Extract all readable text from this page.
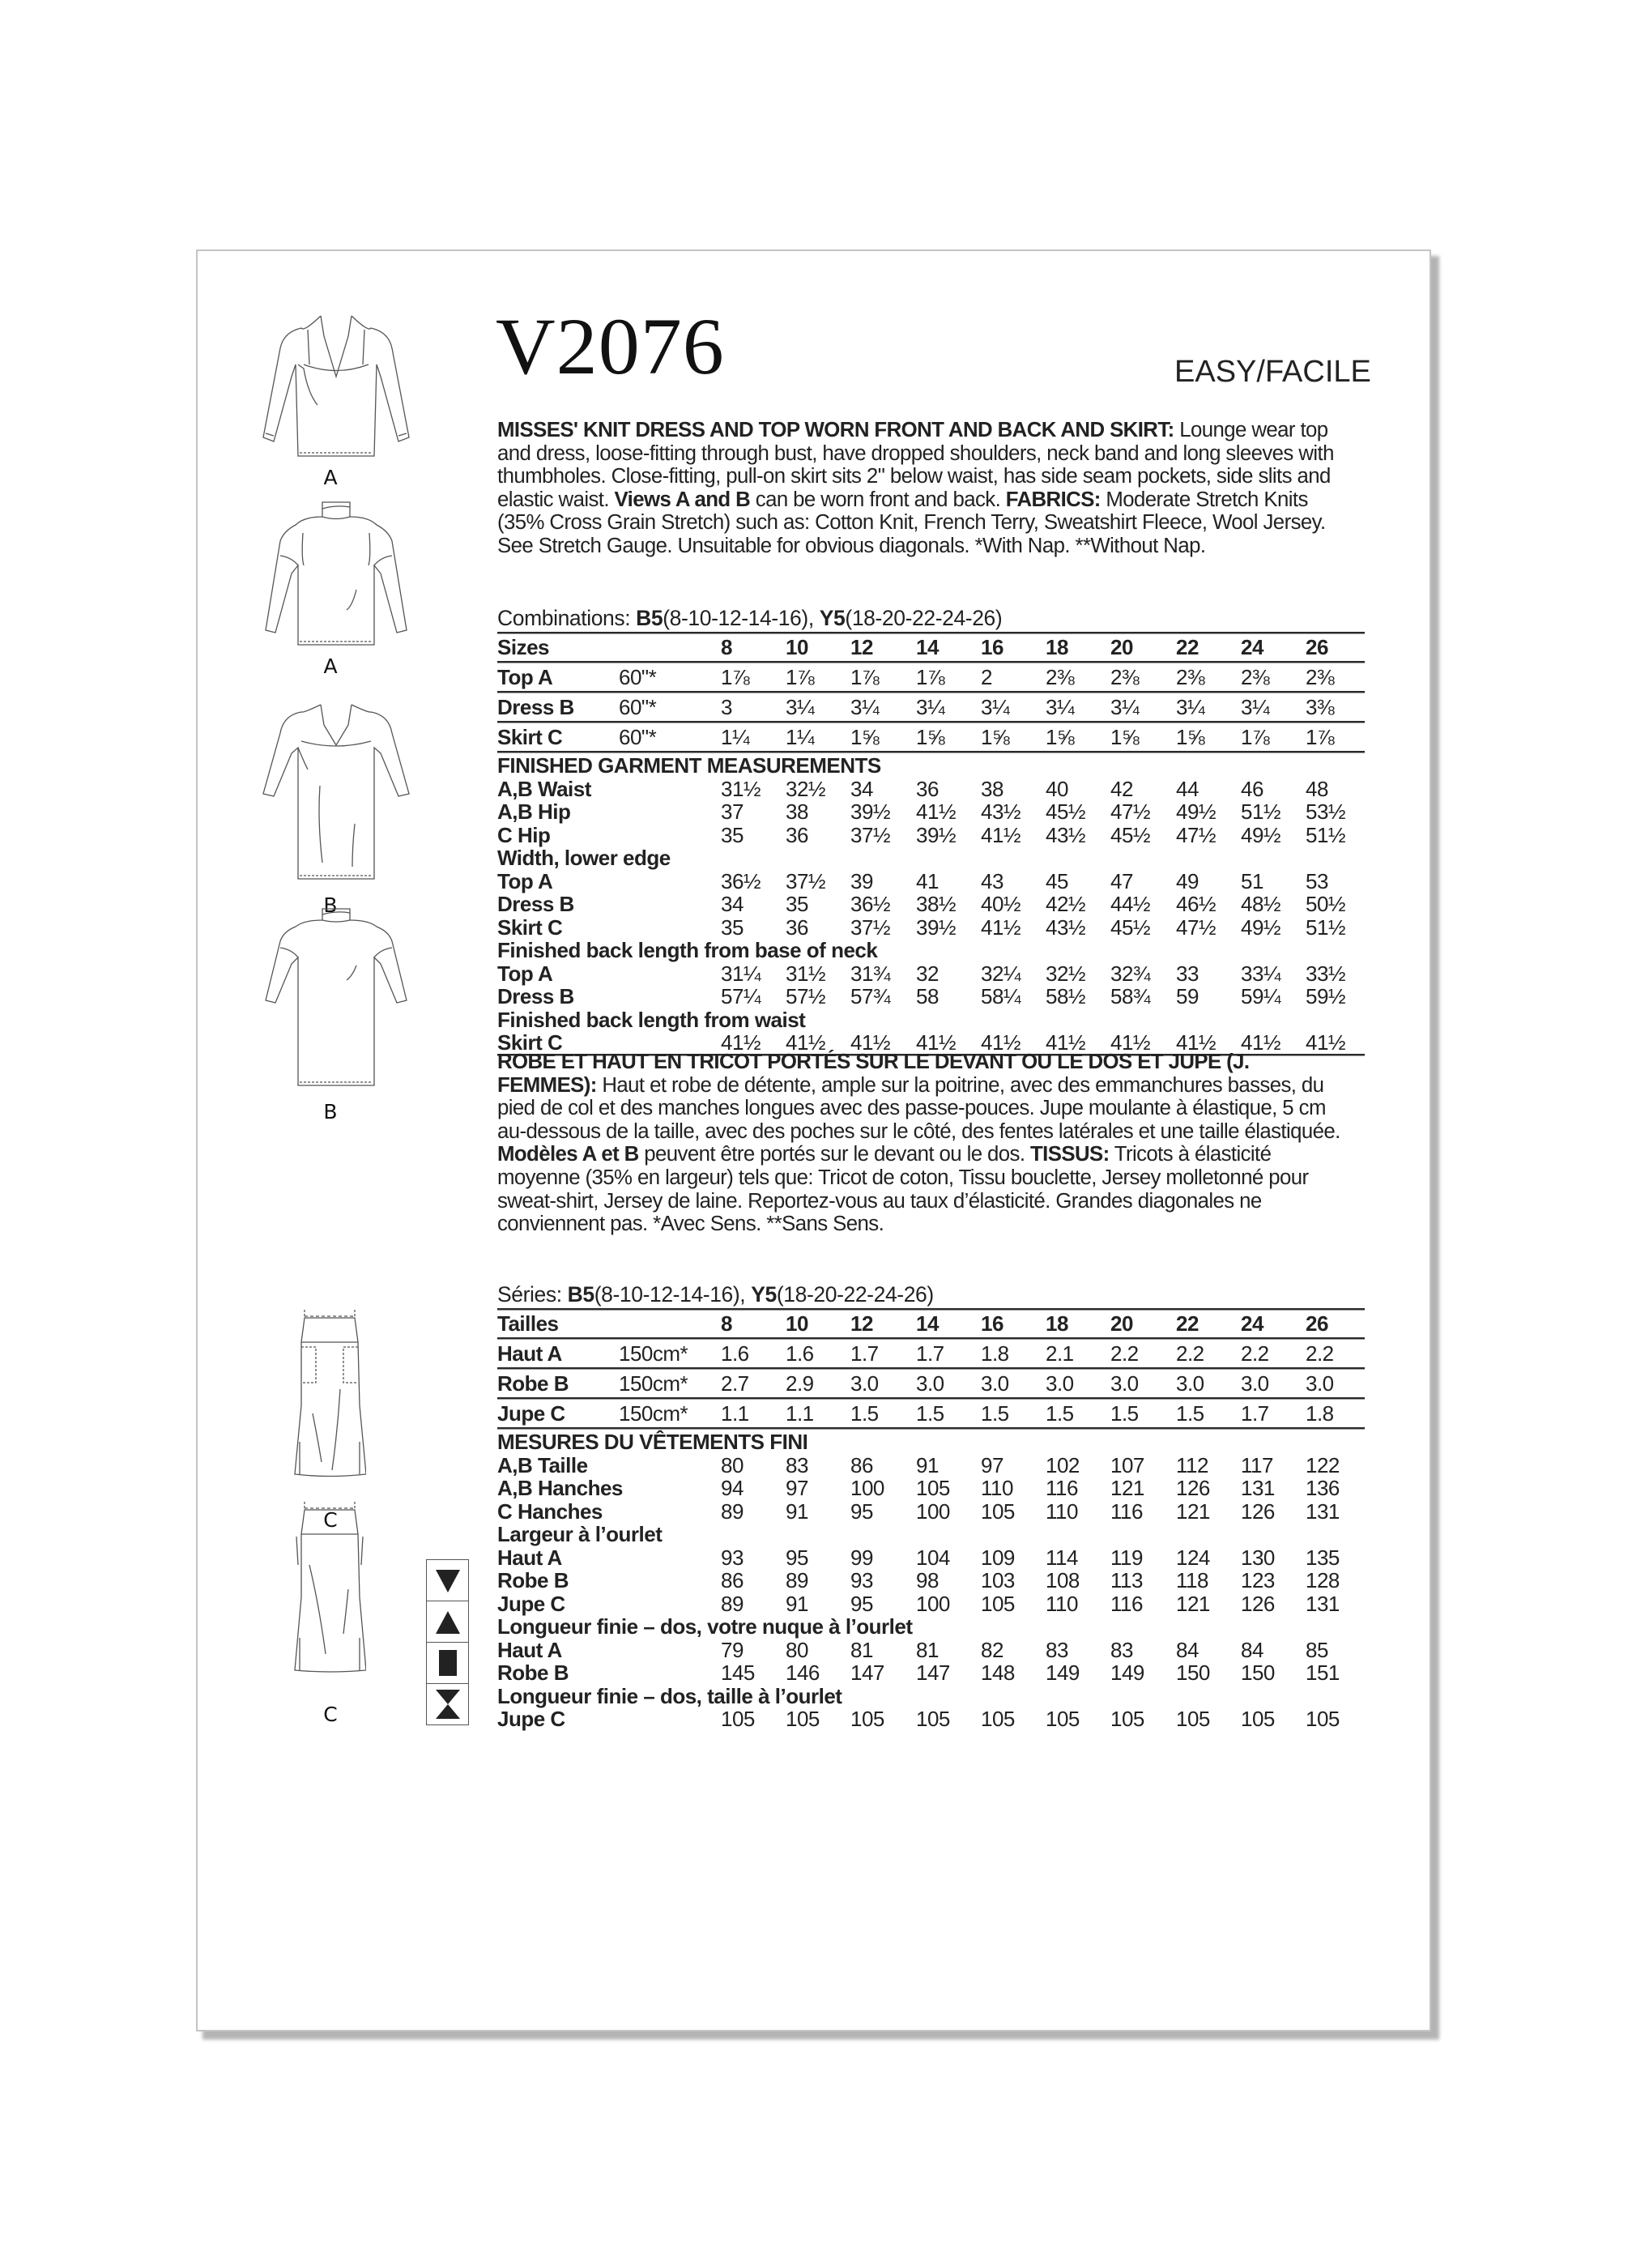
A
A
B
B
C
C
V2076	EASY/FACILE
MISSES' KNIT DRESS AND TOP WORN FRONT AND BACK AND SKIRT: Lounge wear top and dress, loose-fitting through bust, have dropped shoulders, neck band and long sleeves with thumbholes. Close-fitting, pull-on skirt sits 2" below waist, has side seam pockets, side slits and elastic waist. Views A and B can be worn front and back. FABRICS: Moderate Stretch Knits (35% Cross Grain Stretch) such as: Cotton Knit, French Terry, Sweatshirt Fleece, Wool Jersey. See Stretch Gauge. Unsuitable for obvious diagonals. *With Nap. **Without Nap.
Combinations: B5(8-10-12-14-16), Y5(18-20-22-24-26)
Sizes	8	10 12 14 16 18 20 22 24 26
Top A	60"*	1⅞ 1⅞ 1⅞ 1⅞ 2	2⅜ 2⅜ 2⅜ 2⅜ 2⅜
Dress B 60"*	3	3¼ 3¼ 3¼ 3¼ 3¼ 3¼ 3¼ 3¼ 3⅜
Skirt C	60"*	1¼ 1¼ 1⅝ 1⅝ 1⅝ 1⅝ 1⅝ 1⅝ 1⅞ 1⅞
FINISHED GARMENT MEASUREMENTS
A,B Waist	31½ 32½ 34 36 38 40 42 44 46 48
A,B Hip	37 38 39½ 41½ 43½ 45½ 47½ 49½ 51½ 53½
C Hip	35 36 37½ 39½ 41½ 43½ 45½ 47½ 49½ 51½
Width, lower edge
Top A	36½ 37½ 39 41 43 45 47 49 51 53
Dress B	34 35 36½ 38½ 40½ 42½ 44½ 46½ 48½ 50½
Skirt C	35 36 37½ 39½ 41½ 43½ 45½ 47½ 49½ 51½
Finished back length from base of neck
Top A	31¼ 31½ 31¾ 32 32¼ 32½ 32¾ 33 33¼ 33½
Dress B	57¼ 57½ 57¾ 58 58¼ 58½ 58¾ 59 59¼ 59½
Finished back length from waist
Skirt C	41½ 41½ 41½ 41½ 41½ 41½ 41½ 41½ 41½ 41½
ROBE ET HAUT EN TRICOT PORTÉS SUR LE DEVANT OU LE DOS ET JUPE (J. FEMMES): Haut et robe de détente, ample sur la poitrine, avec des emmanchures basses, du pied de col et des manches longues avec des passe-pouces. Jupe moulante à élastique, 5 cm au-dessous de la taille, avec des poches sur le côté, des fentes latérales et une taille élastiquée. Modèles A et B peuvent être portés sur le devant ou le dos. TISSUS: Tricots à élasticité moyenne (35% en largeur) tels que: Tricot de coton, Tissu bouclette, Jersey molletonné pour sweat-shirt, Jersey de laine. Reportez-vous au taux d’élasticité. Grandes diagonales ne conviennent pas. *Avec Sens. **Sans Sens.
Séries: B5(8-10-12-14-16), Y5(18-20-22-24-26)
Tailles	8	10 12 14 16 18 20 22 24 26
Haut A	150cm* 1.6 1.6 1.7 1.7 1.8 2.1 2.2 2.2 2.2 2.2
Robe B 150cm* 2.7 2.9 3.0 3.0 3.0 3.0 3.0 3.0 3.0 3.0
Jupe C	150cm* 1.1 1.1 1.5 1.5 1.5 1.5 1.5 1.5 1.7 1.8
MESURES DU VÊTEMENTS FINI
A,B Taille	80 83 86 91 97 102 107 112 117 122
A,B Hanches	94 97 100 105 110 116 121 126 131 136
C Hanches	89 91 95 100 105 110 116 121 126 131
Largeur à l’ourlet
Haut A	93 95 99 104 109 114 119 124 130 135
Robe B	86 89 93 98 103 108 113 118 123 128
Jupe C	89 91 95 100 105 110 116 121 126 131
Longueur finie – dos, votre nuque à l’ourlet
Haut A	79 80 81 81 82 83 83 84 84 85
Robe B	145 146 147 147 148 149 149 150 150 151
Longueur finie – dos, taille à l’ourlet
Jupe C	105 105 105 105 105 105 105 105 105 105
